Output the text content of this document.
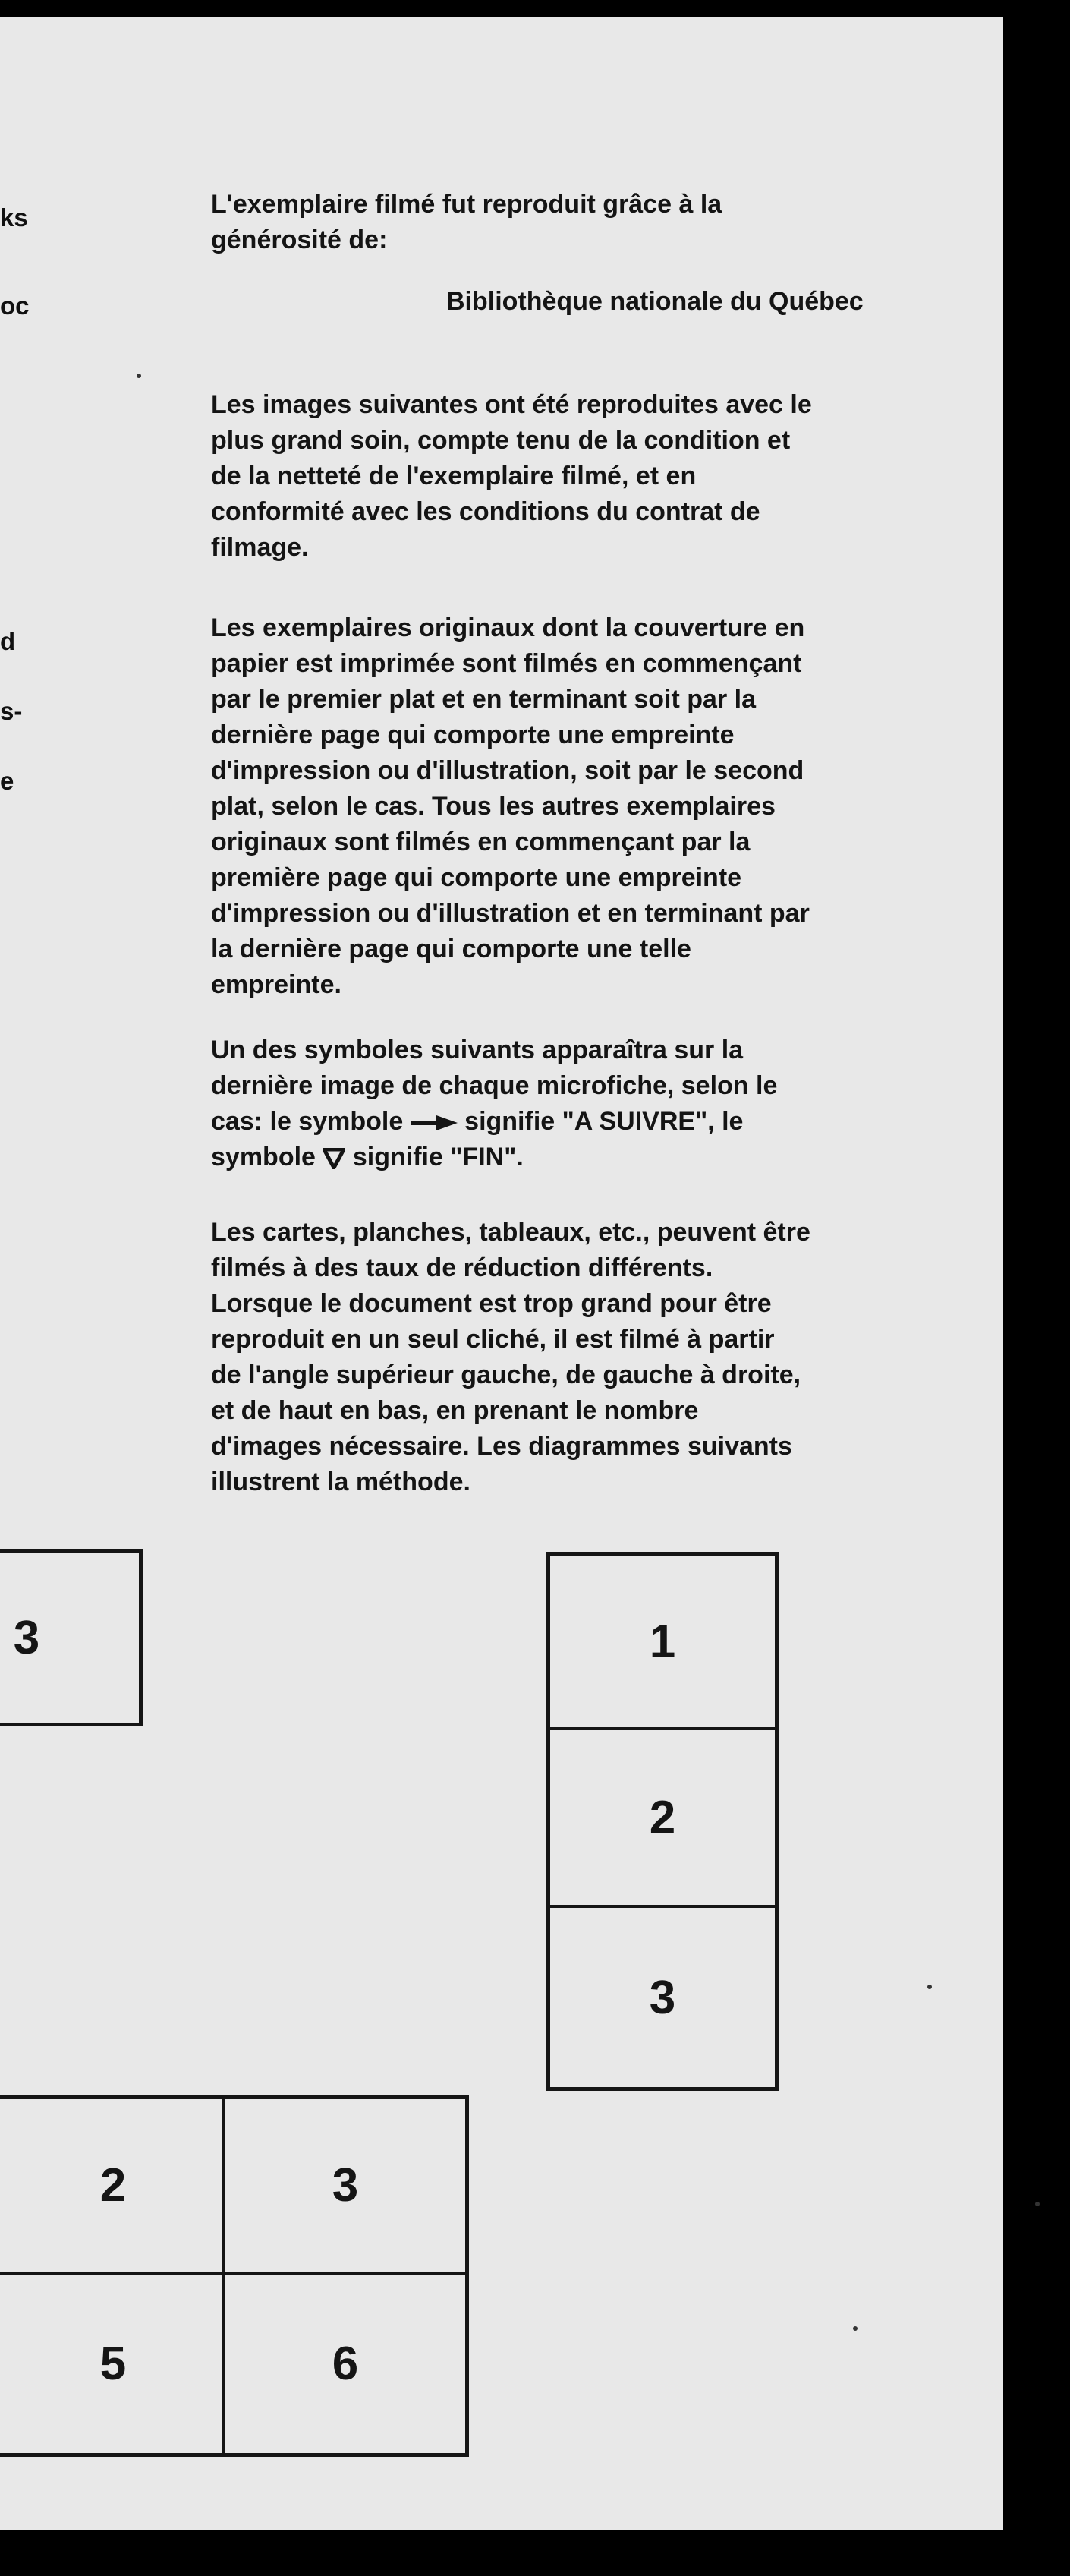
ks
oc
d
s-
e
L'exemplaire filmé fut reproduit grâce à la
générosité de:
Bibliothèque nationale du Québec
Les images suivantes ont été reproduites avec le
plus grand soin, compte tenu de la condition et
de la netteté de l'exemplaire filmé, et en
conformité avec les conditions du contrat de
filmage.
Les exemplaires originaux dont la couverture en
papier est imprimée sont filmés en commençant
par le premier plat et en terminant soit par la
dernière page qui comporte une empreinte
d'impression ou d'illustration, soit par le second
plat, selon le cas. Tous les autres exemplaires
originaux sont filmés en commençant par la
première page qui comporte une empreinte
d'impression ou d'illustration et en terminant par
la dernière page qui comporte une telle
empreinte.
Un des symboles suivants apparaîtra sur la
dernière image de chaque microfiche, selon le
cas: le symbole signifie "A SUIVRE", le
symbole signifie "FIN".
Les cartes, planches, tableaux, etc., peuvent être
filmés à des taux de réduction différents.
Lorsque le document est trop grand pour être
reproduit en un seul cliché, il est filmé à partir
de l'angle supérieur gauche, de gauche à droite,
et de haut en bas, en prenant le nombre
d'images nécessaire. Les diagrammes suivants
illustrent la méthode.
3	1
2
3
2	3
5	6
